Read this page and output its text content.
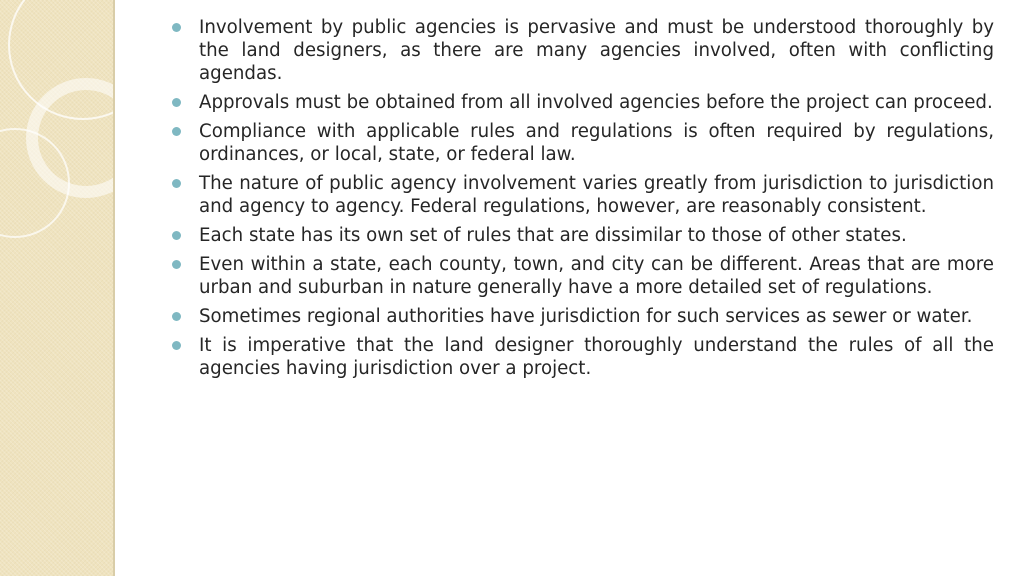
Involvement by public agencies is pervasive and must be understood thoroughly by the land designers, as there are many agencies involved, often with conflicting agendas.
Approvals must be obtained from all involved agencies before the project can proceed.
Compliance with applicable rules and regulations is often required by regulations, ordinances, or local, state, or federal law.
The nature of public agency involvement varies greatly from jurisdiction to jurisdiction and agency to agency. Federal regulations, however, are reasonably consistent.
Each state has its own set of rules that are dissimilar to those of other states.
Even within a state, each county, town, and city can be different. Areas that are more urban and suburban in nature generally have a more detailed set of regulations.
Sometimes regional authorities have jurisdiction for such services as sewer or water.
It is imperative that the land designer thoroughly understand the rules of all the agencies having jurisdiction over a project.
